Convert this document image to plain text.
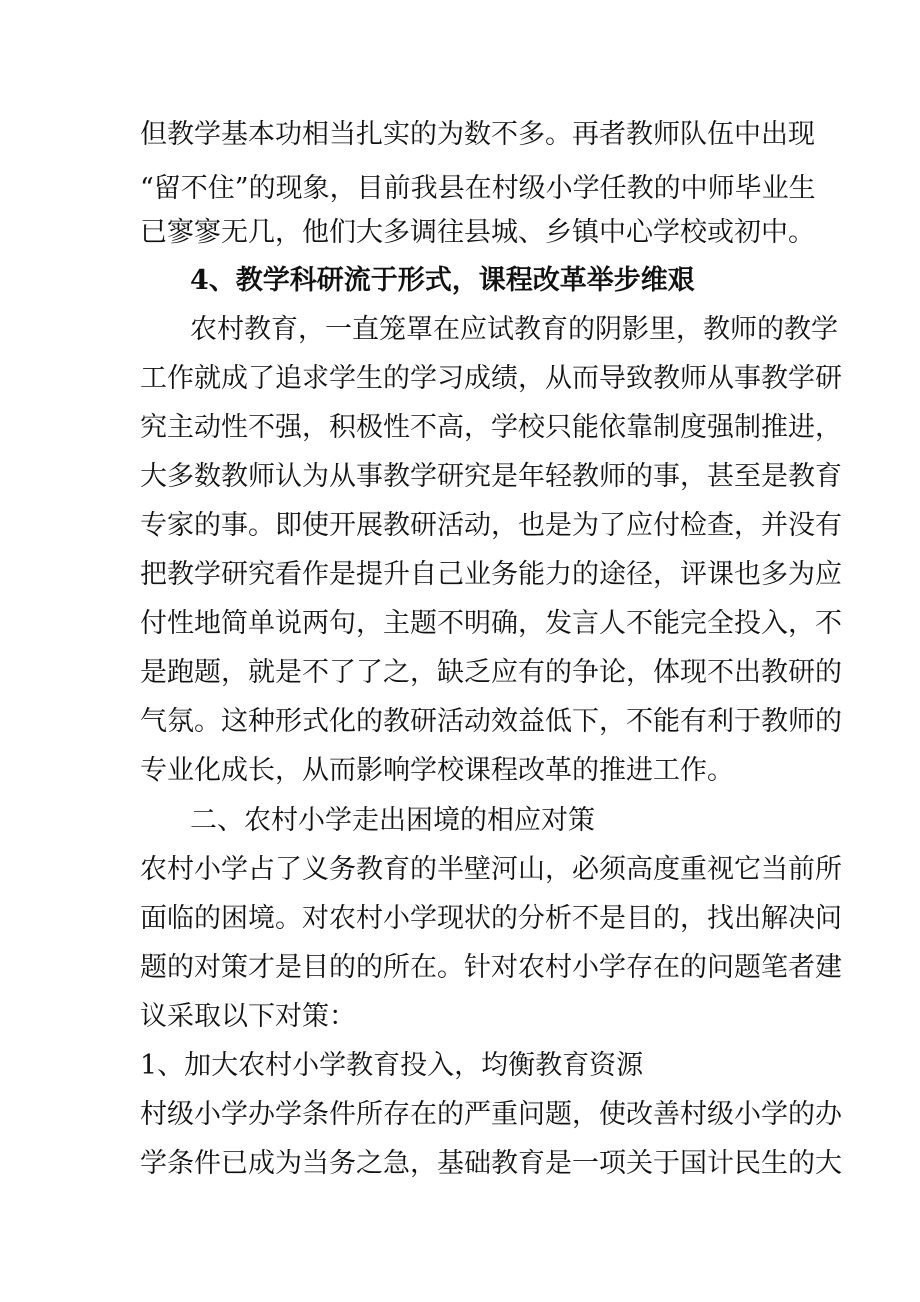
但教学基本功相当扎实的为数不多。再者教师队伍中出现
“留不住”的现象，目前我县在村级小学任教的中师毕业生
已寥寥无几，他们大多调往县城、乡镇中心学校或初中。
4、教学科研流于形式，课程改革举步维艰
农村教育，一直笼罩在应试教育的阴影里，教师的教学
工作就成了追求学生的学习成绩，从而导致教师从事教学研
究主动性不强，积极性不高，学校只能依靠制度强制推进，
大多数教师认为从事教学研究是年轻教师的事，甚至是教育
专家的事。即使开展教研活动，也是为了应付检查，并没有
把教学研究看作是提升自己业务能力的途径，评课也多为应
付性地简单说两句，主题不明确，发言人不能完全投入，不
是跑题，就是不了了之，缺乏应有的争论，体现不出教研的
气氛。这种形式化的教研活动效益低下，不能有利于教师的
专业化成长，从而影响学校课程改革的推进工作。
二、农村小学走出困境的相应对策
农村小学占了义务教育的半壁河山，必须高度重视它当前所
面临的困境。对农村小学现状的分析不是目的，找出解决问
题的对策才是目的的所在。针对农村小学存在的问题笔者建
议采取以下对策：
1、加大农村小学教育投入，均衡教育资源
村级小学办学条件所存在的严重问题，使改善村级小学的办
学条件已成为当务之急，基础教育是一项关于国计民生的大
